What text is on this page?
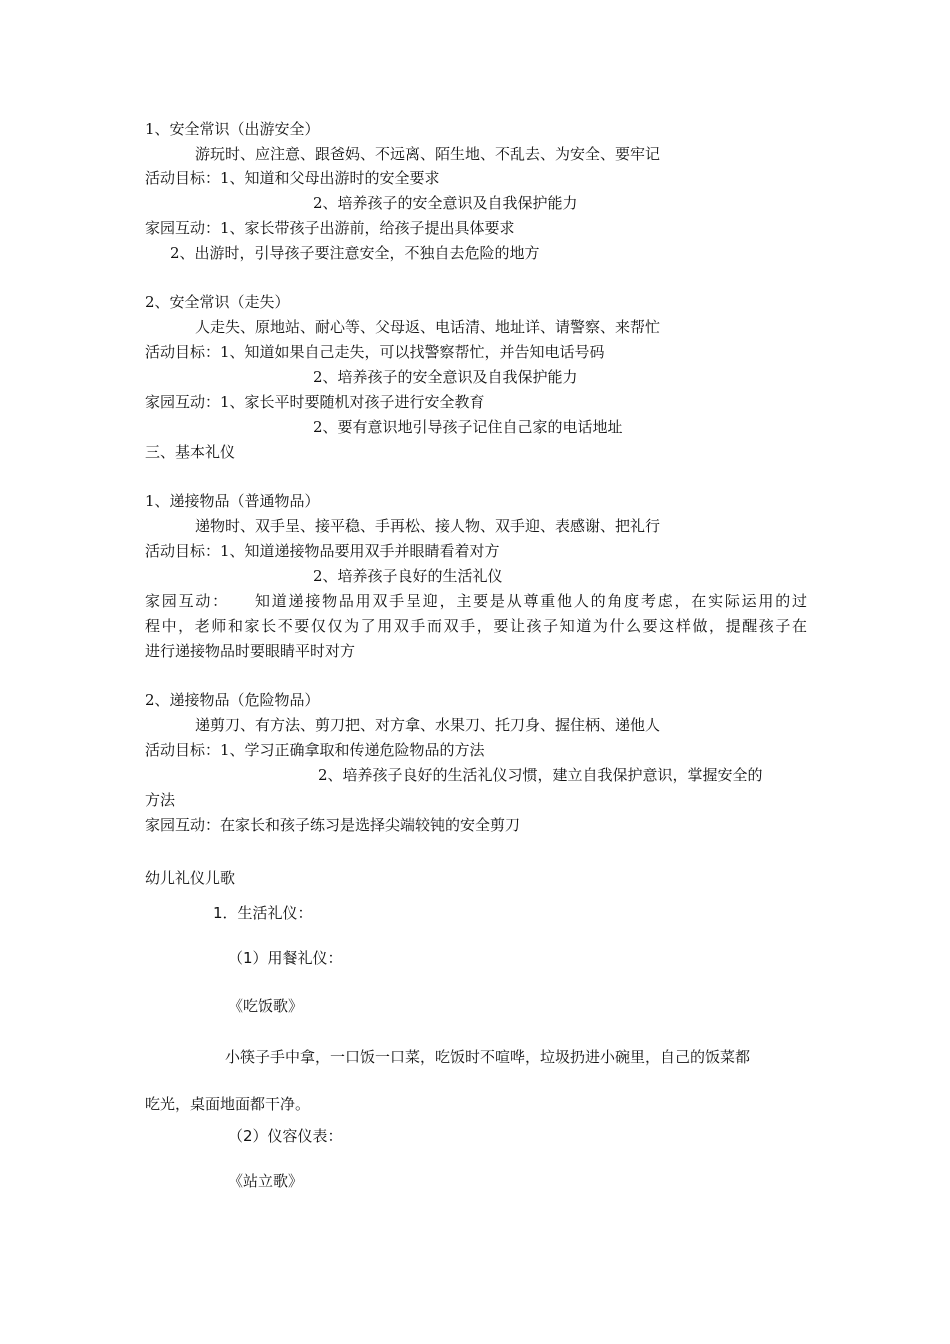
1、安全常识（出游安全）
游玩时、应注意、跟爸妈、不远离、陌生地、不乱去、为安全、要牢记
活动目标：1、知道和父母出游时的安全要求
2、培养孩子的安全意识及自我保护能力
家园互动：1、家长带孩子出游前，给孩子提出具体要求
2、出游时，引导孩子要注意安全，不独自去危险的地方
2、安全常识（走失）
人走失、原地站、耐心等、父母返、电话清、地址详、请警察、来帮忙
活动目标：1、知道如果自己走失，可以找警察帮忙，并告知电话号码
2、培养孩子的安全意识及自我保护能力
家园互动：1、家长平时要随机对孩子进行安全教育
2、要有意识地引导孩子记住自己家的电话地址
三、基本礼仪
1、递接物品（普通物品）
递物时、双手呈、接平稳、手再松、接人物、双手迎、表感谢、把礼行
活动目标：1、知道递接物品要用双手并眼睛看着对方
2、培养孩子良好的生活礼仪
家园互动：　　知道递接物品用双手呈迎，主要是从尊重他人的角度考虑，在实际运用的过
程中，老师和家长不要仅仅为了用双手而双手，要让孩子知道为什么要这样做，提醒孩子在
进行递接物品时要眼睛平时对方
2、递接物品（危险物品）
递剪刀、有方法、剪刀把、对方拿、水果刀、托刀身、握住柄、递他人
活动目标：1、学习正确拿取和传递危险物品的方法
2、培养孩子良好的生活礼仪习惯，建立自我保护意识，掌握安全的
方法
家园互动：在家长和孩子练习是选择尖端较钝的安全剪刀
幼儿礼仪儿歌
1．生活礼仪：
（1）用餐礼仪：
《吃饭歌》
小筷子手中拿，一口饭一口菜，吃饭时不喧哗，垃圾扔进小碗里，自己的饭菜都
吃光，桌面地面都干净。
（2）仪容仪表：
《站立歌》
